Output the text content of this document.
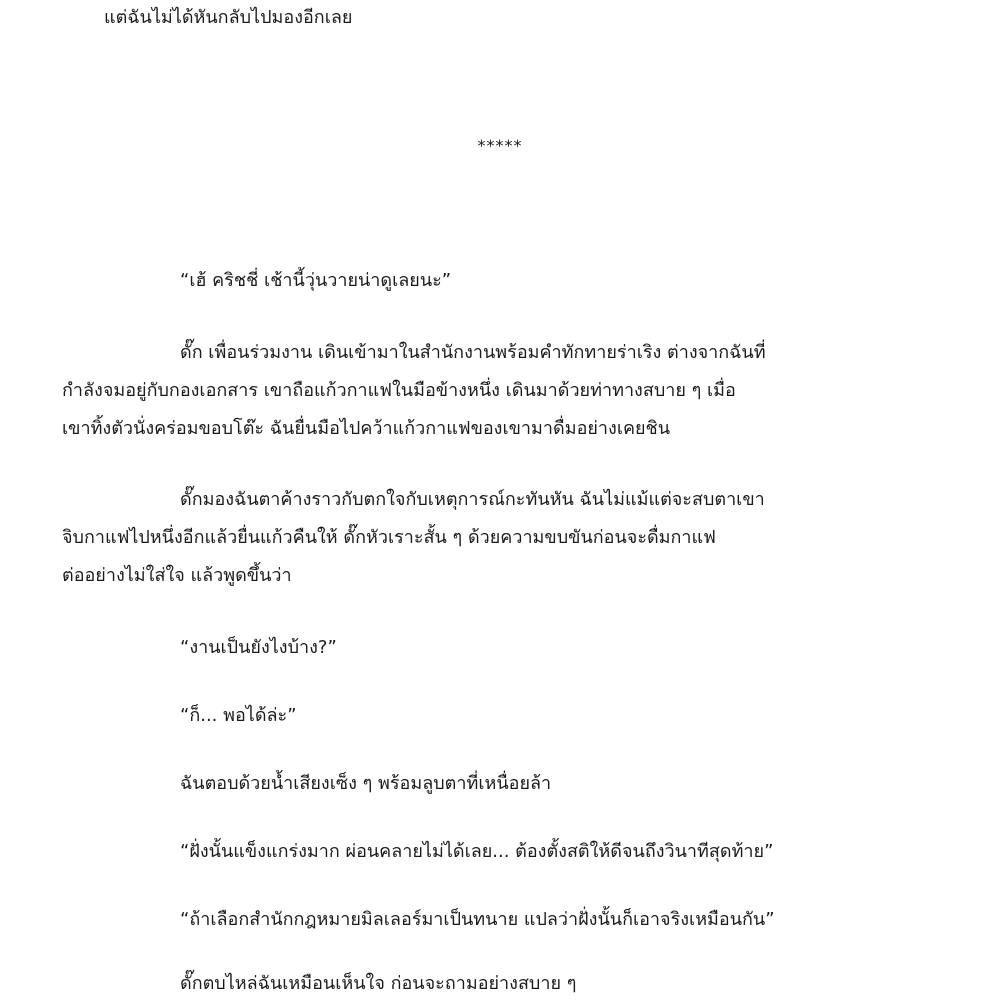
แต่ฉันไม่ได้หันกลับไปมองอีกเลย

*****

“เฮ้ คริชชี่ เช้านี้วุ่นวายน่าดูเลยนะ”

ดั๊ก เพื่อนร่วมงาน เดินเข้ามาในสำนักงานพร้อมคำทักทายร่าเริง ต่างจากฉันที่

กำลังจมอยู่กับกองเอกสาร เขาถือแก้วกาแฟในมือข้างหนึ่ง เดินมาด้วยท่าทางสบาย ๆ เมื่อ

เขาทิ้งตัวนั่งคร่อมขอบโต๊ะ ฉันยื่นมือไปคว้าแก้วกาแฟของเขามาดื่มอย่างเคยชิน

ดั๊กมองฉันตาค้างราวกับตกใจกับเหตุการณ์กะทันหัน ฉันไม่แม้แต่จะสบตาเขา

จิบกาแฟไปหนึ่งอีกแล้วยื่นแก้วคืนให้ ดั๊กหัวเราะสั้น ๆ ด้วยความขบขันก่อนจะดื่มกาแฟ

ต่ออย่างไม่ใส่ใจ แล้วพูดขึ้นว่า

“งานเป็นยังไงบ้าง?”

“ก็... พอได้ล่ะ”

ฉันตอบด้วยน้ำเสียงเซ็ง ๆ พร้อมลูบตาที่เหนื่อยล้า

“ฝั่งนั้นแข็งแกร่งมาก ผ่อนคลายไม่ได้เลย... ต้องตั้งสติให้ดีจนถึงวินาทีสุดท้าย”

“ถ้าเลือกสำนักกฎหมายมิลเลอร์มาเป็นทนาย แปลว่าฝั่งนั้นก็เอาจริงเหมือนกัน”

ดั๊กตบไหล่ฉันเหมือนเห็นใจ ก่อนจะถามอย่างสบาย ๆ
